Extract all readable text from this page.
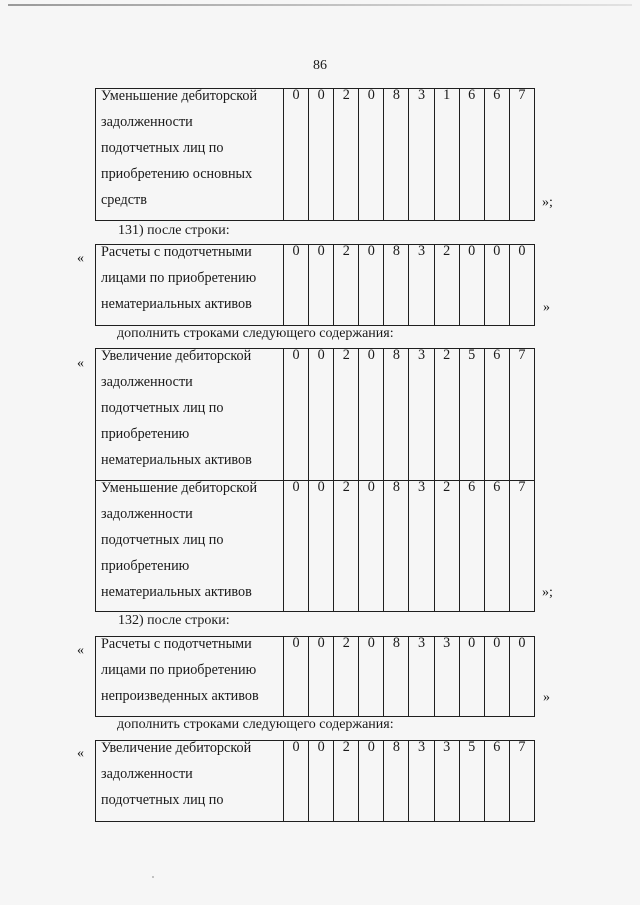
86
Уменьшение дебиторской
задолженности
подотчетных лиц по
приобретению основных
средств

0	0	2	0	8	3	1	6	6	7
»;
131) после строки:
Расчеты с подотчетными
лицами по приобретению
нематериальных активов

0	0	2	0	8	3	2	0	0	0
«
»
дополнить строками следующего содержания:
Увеличение дебиторской
задолженности
подотчетных лиц по
приобретению
нематериальных активов	0	0	2	0	8	3	2	5	6	7

Уменьшение дебиторской
задолженности
подотчетных лиц по
приобретению
нематериальных активов	0	0	2	0	8	3	2	6	6	7
«
»;
132) после строки:
Расчеты с подотчетными
лицами по приобретению
непроизведенных активов

0	0	2	0	8	3	3	0	0	0
«
»
дополнить строками следующего содержания:
Увеличение дебиторской
задолженности
подотчетных лиц по

0	0	2	0	8	3	3	5	6	7
«
